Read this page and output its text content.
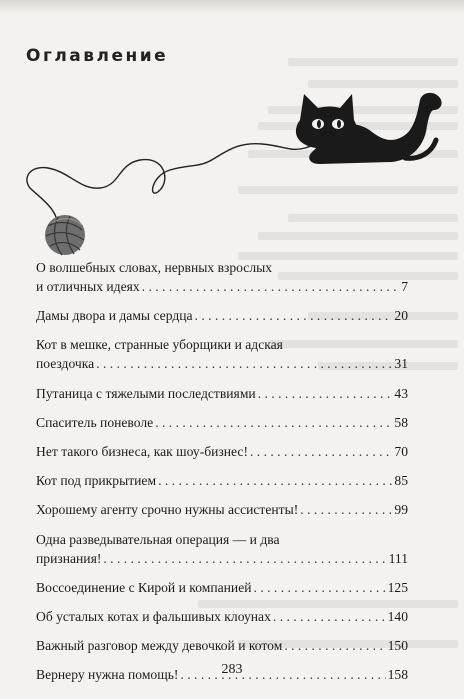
Оглавление
О волшебных словах, нервных взрослых
и отличных идеях . . .	7
Дамы двора и дамы сердца . . .	20
Кот в мешке, странные уборщики и адская
поездочка . . .	31
Путаница с тяжелыми последствиями . . .	43
Спаситель поневоле . . .	58
Нет такого бизнеса, как шоу-бизнес! . . .	70
Кот под прикрытием . . .	85
Хорошему агенту срочно нужны ассистенты! . . .	99
Одна разведывательная операция — и два
признания! . . .	111
Воссоединение с Кирой и компанией . . .	125
Об усталых котах и фальшивых клоунах . . .	140
Важный разговор между девочкой и котом . . .	150
Вернеру нужна помощь! . . .	158
283
